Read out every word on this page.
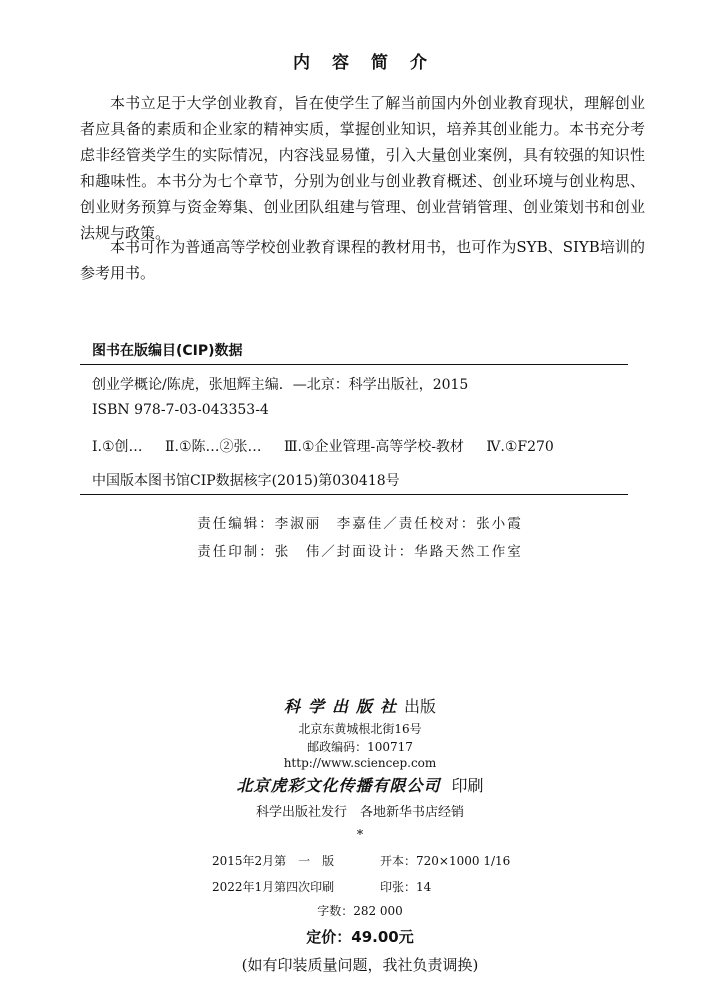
内容简介

本书立足于大学创业教育，旨在使学生了解当前国内外创业教育现状，理解创业者应具备的素质和企业家的精神实质，掌握创业知识，培养其创业能力。本书充分考虑非经管类学生的实际情况，内容浅显易懂，引入大量创业案例，具有较强的知识性和趣味性。本书分为七个章节，分别为创业与创业教育概述、创业环境与创业构思、创业财务预算与资金筹集、创业团队组建与管理、创业营销管理、创业策划书和创业法规与政策。

本书可作为普通高等学校创业教育课程的教材用书，也可作为SYB、SIYB培训的参考用书。

图书在版编目(CIP)数据
创业学概论/陈虎，张旭辉主编．—北京：科学出版社，2015
ISBN 978-7-03-043353-4
Ⅰ.①创… Ⅱ.①陈…②张… Ⅲ.①企业管理-高等学校-教材 Ⅳ.①F270
中国版本图书馆CIP数据核字(2015)第030418号
责任编辑：李淑丽　李嘉佳／责任校对：张小霞
责任印制：张　伟／封面设计：华路天然工作室
科学出版社出版
北京东黄城根北街16号
邮政编码：100717
http://www.sciencep.com
北京虎彩文化传播有限公司 印刷
科学出版社发行　各地新华书店经销
*
2015年2月第　一　版	开本：720×1000 1/16
2022年1月第四次印刷	印张：14
字数：282 000
定价：49.00元
(如有印装质量问题，我社负责调换)
